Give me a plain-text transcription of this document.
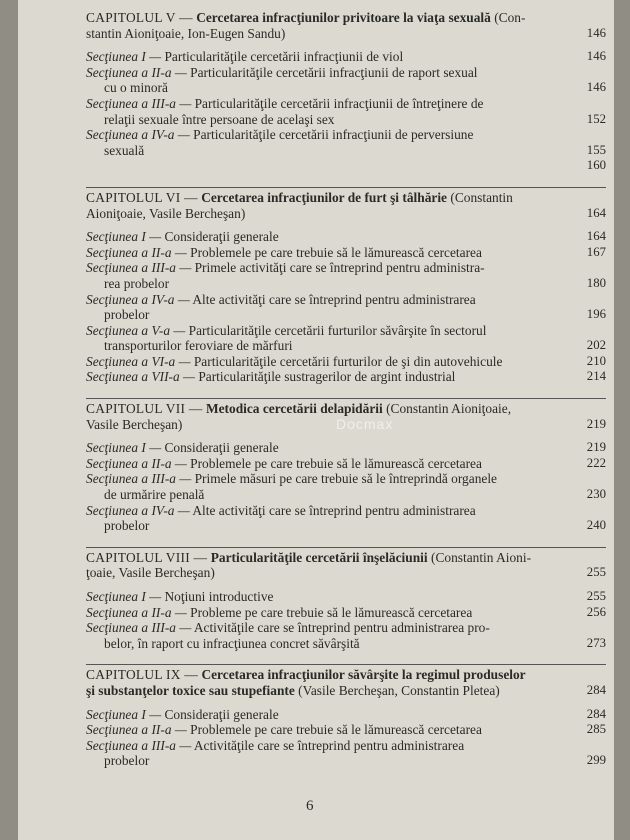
CAPITOLUL V — Cercetarea infracţiunilor privitoare la viaţa sexuală (Con-
stantin Aioniţoaie, Ion-Eugen Sandu)	146
Secţiunea I — Particularităţile cercetării infracţiunii de viol	146
Secţiunea a II-a — Particularităţile cercetării infracţiunii de raport sexual
cu o minoră	146
Secţiunea a III-a — Particularităţile cercetării infracţiunii de întreţinere de
relaţii sexuale între persoane de acelaşi sex	152
Secţiunea a IV-a — Particularităţile cercetării infracţiunii de perversiune
sexuală	155

160
CAPITOLUL VI — Cercetarea infracţiunilor de furt şi tâlhărie (Constantin
Aioniţoaie, Vasile Bercheşan)	164
Secţiunea I — Consideraţii generale	164
Secţiunea a II-a — Problemele pe care trebuie să le lămurească cercetarea	167
Secţiunea a III-a — Primele activităţi care se întreprind pentru administra-
rea probelor	180
Secţiunea a IV-a — Alte activităţi care se întreprind pentru administrarea
probelor	196
Secţiunea a V-a — Particularităţile cercetării furturilor săvârşite în sectorul
transporturilor feroviare de mărfuri	202
Secţiunea a VI-a — Particularităţile cercetării furturilor de şi din autovehicule	210
Secţiunea a VII-a — Particularităţile sustragerilor de argint industrial	214
CAPITOLUL VII — Metodica cercetării delapidării (Constantin Aioniţoaie,
Vasile Bercheşan)	219
Secţiunea I — Consideraţii generale	219
Secţiunea a II-a — Problemele pe care trebuie să le lămurească cercetarea	222
Secţiunea a III-a — Primele măsuri pe care trebuie să le întreprindă organele
de urmărire penală	230
Secţiunea a IV-a — Alte activităţi care se întreprind pentru administrarea
probelor	240
CAPITOLUL VIII — Particularităţile cercetării înşelăciunii (Constantin Aioni-
ţoaie, Vasile Bercheşan)	255
Secţiunea I — Noţiuni introductive	255
Secţiunea a II-a — Probleme pe care trebuie să le lămurească cercetarea	256
Secţiunea a III-a — Activităţile care se întreprind pentru administrarea pro-
belor, în raport cu infracţiunea concret săvârşită	273
CAPITOLUL IX — Cercetarea infracţiunilor săvârşite la regimul produselor
şi substanţelor toxice sau stupefiante (Vasile Bercheşan, Constantin Pletea)	284
Secţiunea I — Consideraţii generale	284
Secţiunea a II-a — Problemele pe care trebuie să le lămurească cercetarea	285
Secţiunea a III-a — Activităţile care se întreprind pentru administrarea
probelor	299
Docmax
6
